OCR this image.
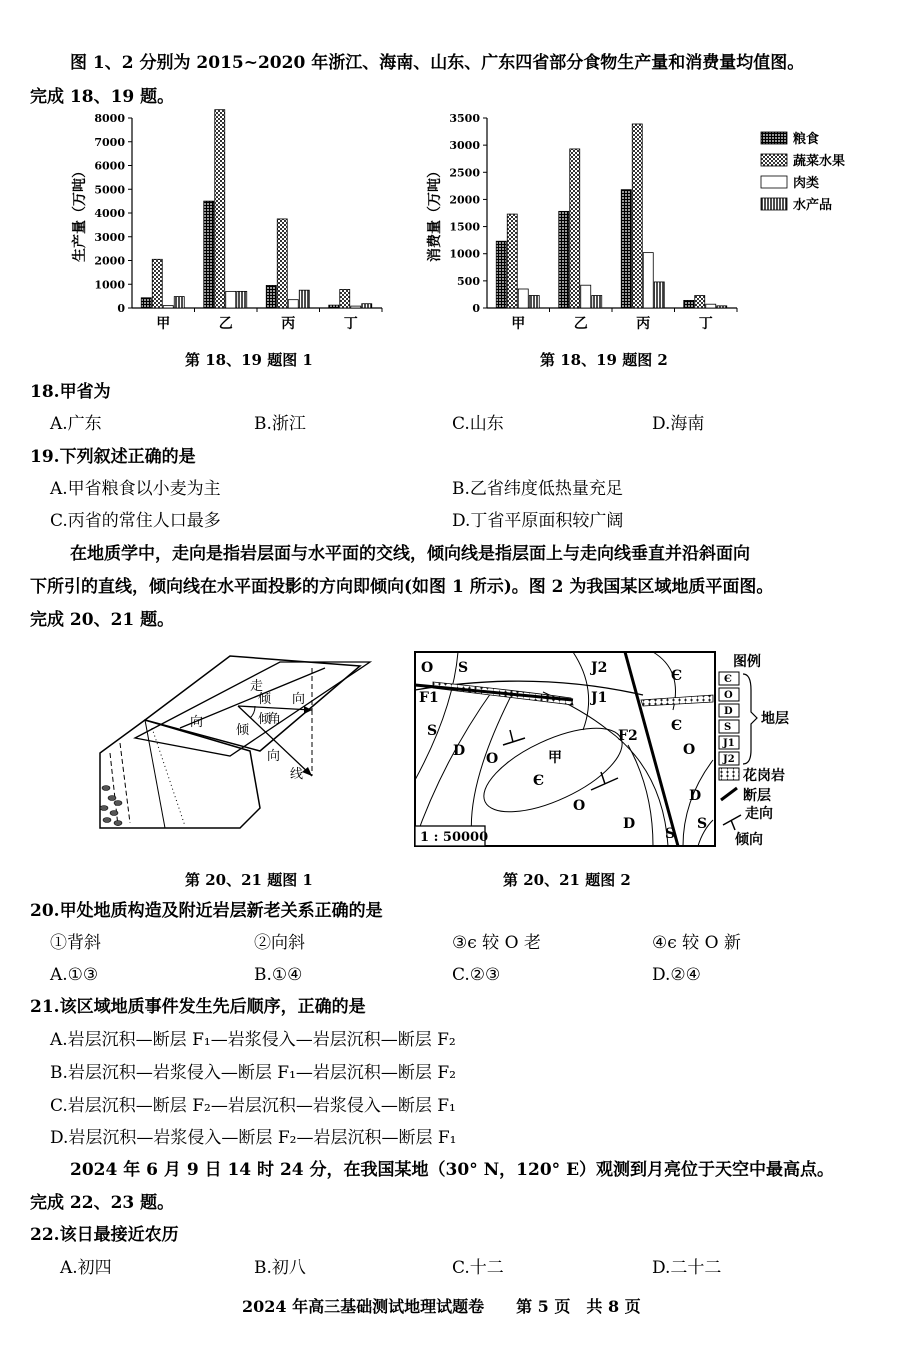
图 1、2 分别为 2015~2020 年浙江、海南、山东、广东四省部分食物生产量和消费量均值图。
完成 18、19 题。
生产量（万吨）
0
1000
2000
3000
4000
5000
6000
7000
8000
甲	乙	丙	丁
消费量（万吨）
0
500
1000
1500
2000
2500
3000
3500
甲	乙	丙	丁
粮食
蔬菜水果
肉类
水产品
第 18、19 题图 1	第 18、19 题图 2
18.甲省为
A.广东	B.浙江	C.山东	D.海南
19.下列叙述正确的是
A.甲省粮食以小麦为主	B.乙省纬度低热量充足
C.丙省的常住人口最多	D.丁省平原面积较广阔
在地质学中，走向是指岩层面与水平面的交线，倾向线是指层面上与走向线垂直并沿斜面向
下所引的直线，倾向线在水平面投影的方向即倾向(如图 1 所示)。图 2 为我国某区域地质平面图。
完成 20、21 题。
走
向
倾 向
倾
角
倾
向
线
O S	J2
J1
Є
S
D O	甲
Є
O
D
S
S
Є
O
D
F1
F2
1 : 50000
图例
Є
O
D
S
J1
J2
地层
花岗岩
断层
走向
倾向
第 20、21 题图 1	第 20、21 题图 2
20.甲处地质构造及附近岩层新老关系正确的是
①背斜	②向斜	③є 较 O 老	④є 较 O 新
A.①③	B.①④	C.②③	D.②④
21.该区域地质事件发生先后顺序，正确的是
A.岩层沉积—断层 F₁—岩浆侵入—岩层沉积—断层 F₂
B.岩层沉积—岩浆侵入—断层 F₁—岩层沉积—断层 F₂
C.岩层沉积—断层 F₂—岩层沉积—岩浆侵入—断层 F₁
D.岩层沉积—岩浆侵入—断层 F₂—岩层沉积—断层 F₁
2024 年 6 月 9 日 14 时 24 分，在我国某地（30° N，120° E）观测到月亮位于天空中最高点。
完成 22、23 题。
22.该日最接近农历
A.初四	B.初八	C.十二	D.二十二
2024 年高三基础测试地理试题卷　　第 5 页　共 8 页
